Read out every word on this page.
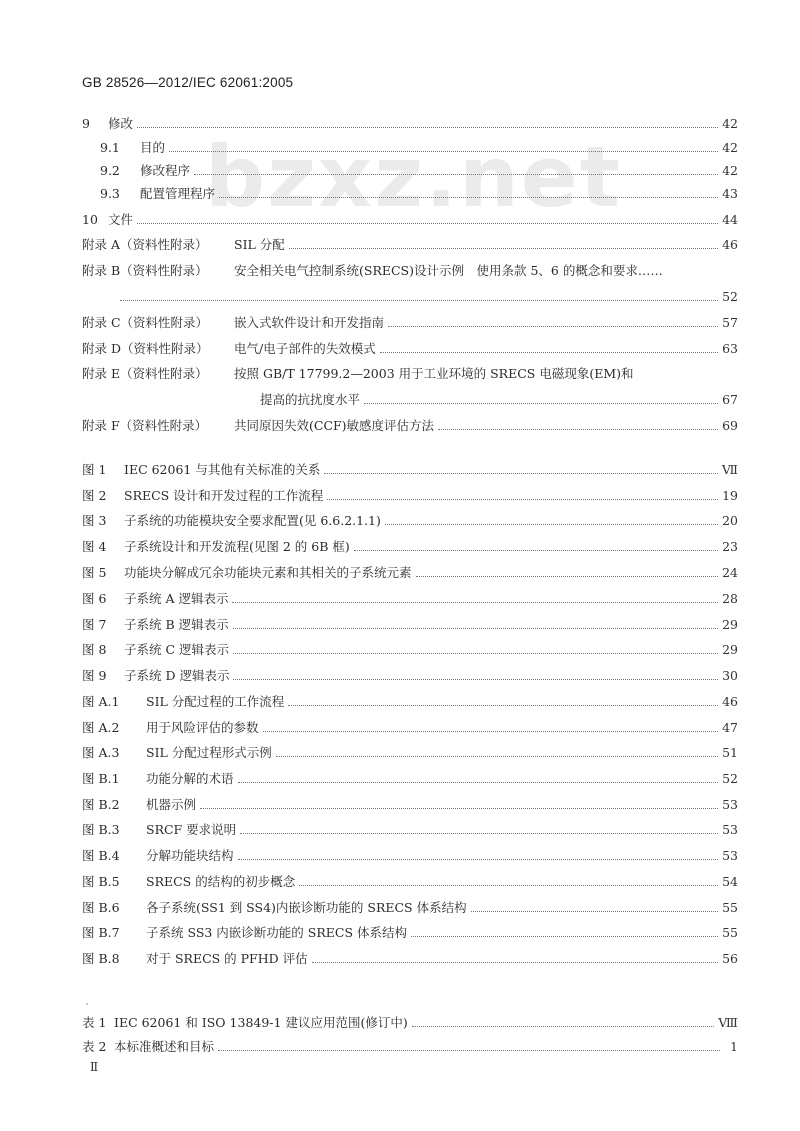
bzxz.net
GB 28526—2012/IEC 62061:2005
9	修改	42
9.1	目的	42
9.2	修改程序	42
9.3	配置管理程序	43
10 文件	44
附录 A（资料性附录）	SIL 分配	46
附录 B（资料性附录）	安全相关电气控制系统(SRECS)设计示例　使用条款 5、6 的概念和要求……
52
附录 C（资料性附录）	嵌入式软件设计和开发指南	57
附录 D（资料性附录）	电气/电子部件的失效模式	63
附录 E（资料性附录）	按照 GB/T 17799.2—2003 用于工业环境的 SRECS 电磁现象(EM)和
提高的抗扰度水平	67
附录 F（资料性附录）	共同原因失效(CCF)敏感度评估方法	69
图 1	IEC 62061 与其他有关标准的关系	Ⅶ
图 2	SRECS 设计和开发过程的工作流程	19
图 3	子系统的功能模块安全要求配置(见 6.6.2.1.1)	20
图 4	子系统设计和开发流程(见图 2 的 6B 框)	23
图 5	功能块分解成冗余功能块元素和其相关的子系统元素	24
图 6	子系统 A 逻辑表示	28
图 7	子系统 B 逻辑表示	29
图 8	子系统 C 逻辑表示	29
图 9	子系统 D 逻辑表示	30
图 A.1	SIL 分配过程的工作流程	46
图 A.2	用于风险评估的参数	47
图 A.3	SIL 分配过程形式示例	51
图 B.1	功能分解的术语	52
图 B.2	机器示例	53
图 B.3	SRCF 要求说明	53
图 B.4	分解功能块结构	53
图 B.5	SRECS 的结构的初步概念	54
图 B.6	各子系统(SS1 到 SS4)内嵌诊断功能的 SRECS 体系结构	55
图 B.7	子系统 SS3 内嵌诊断功能的 SRECS 体系结构	55
图 B.8	对于 SRECS 的 PFHD 评估	56
表 1 IEC 62061 和 ISO 13849-1 建议应用范围(修订中)	Ⅷ
表 2 本标准概述和目标	1
Ⅱ
